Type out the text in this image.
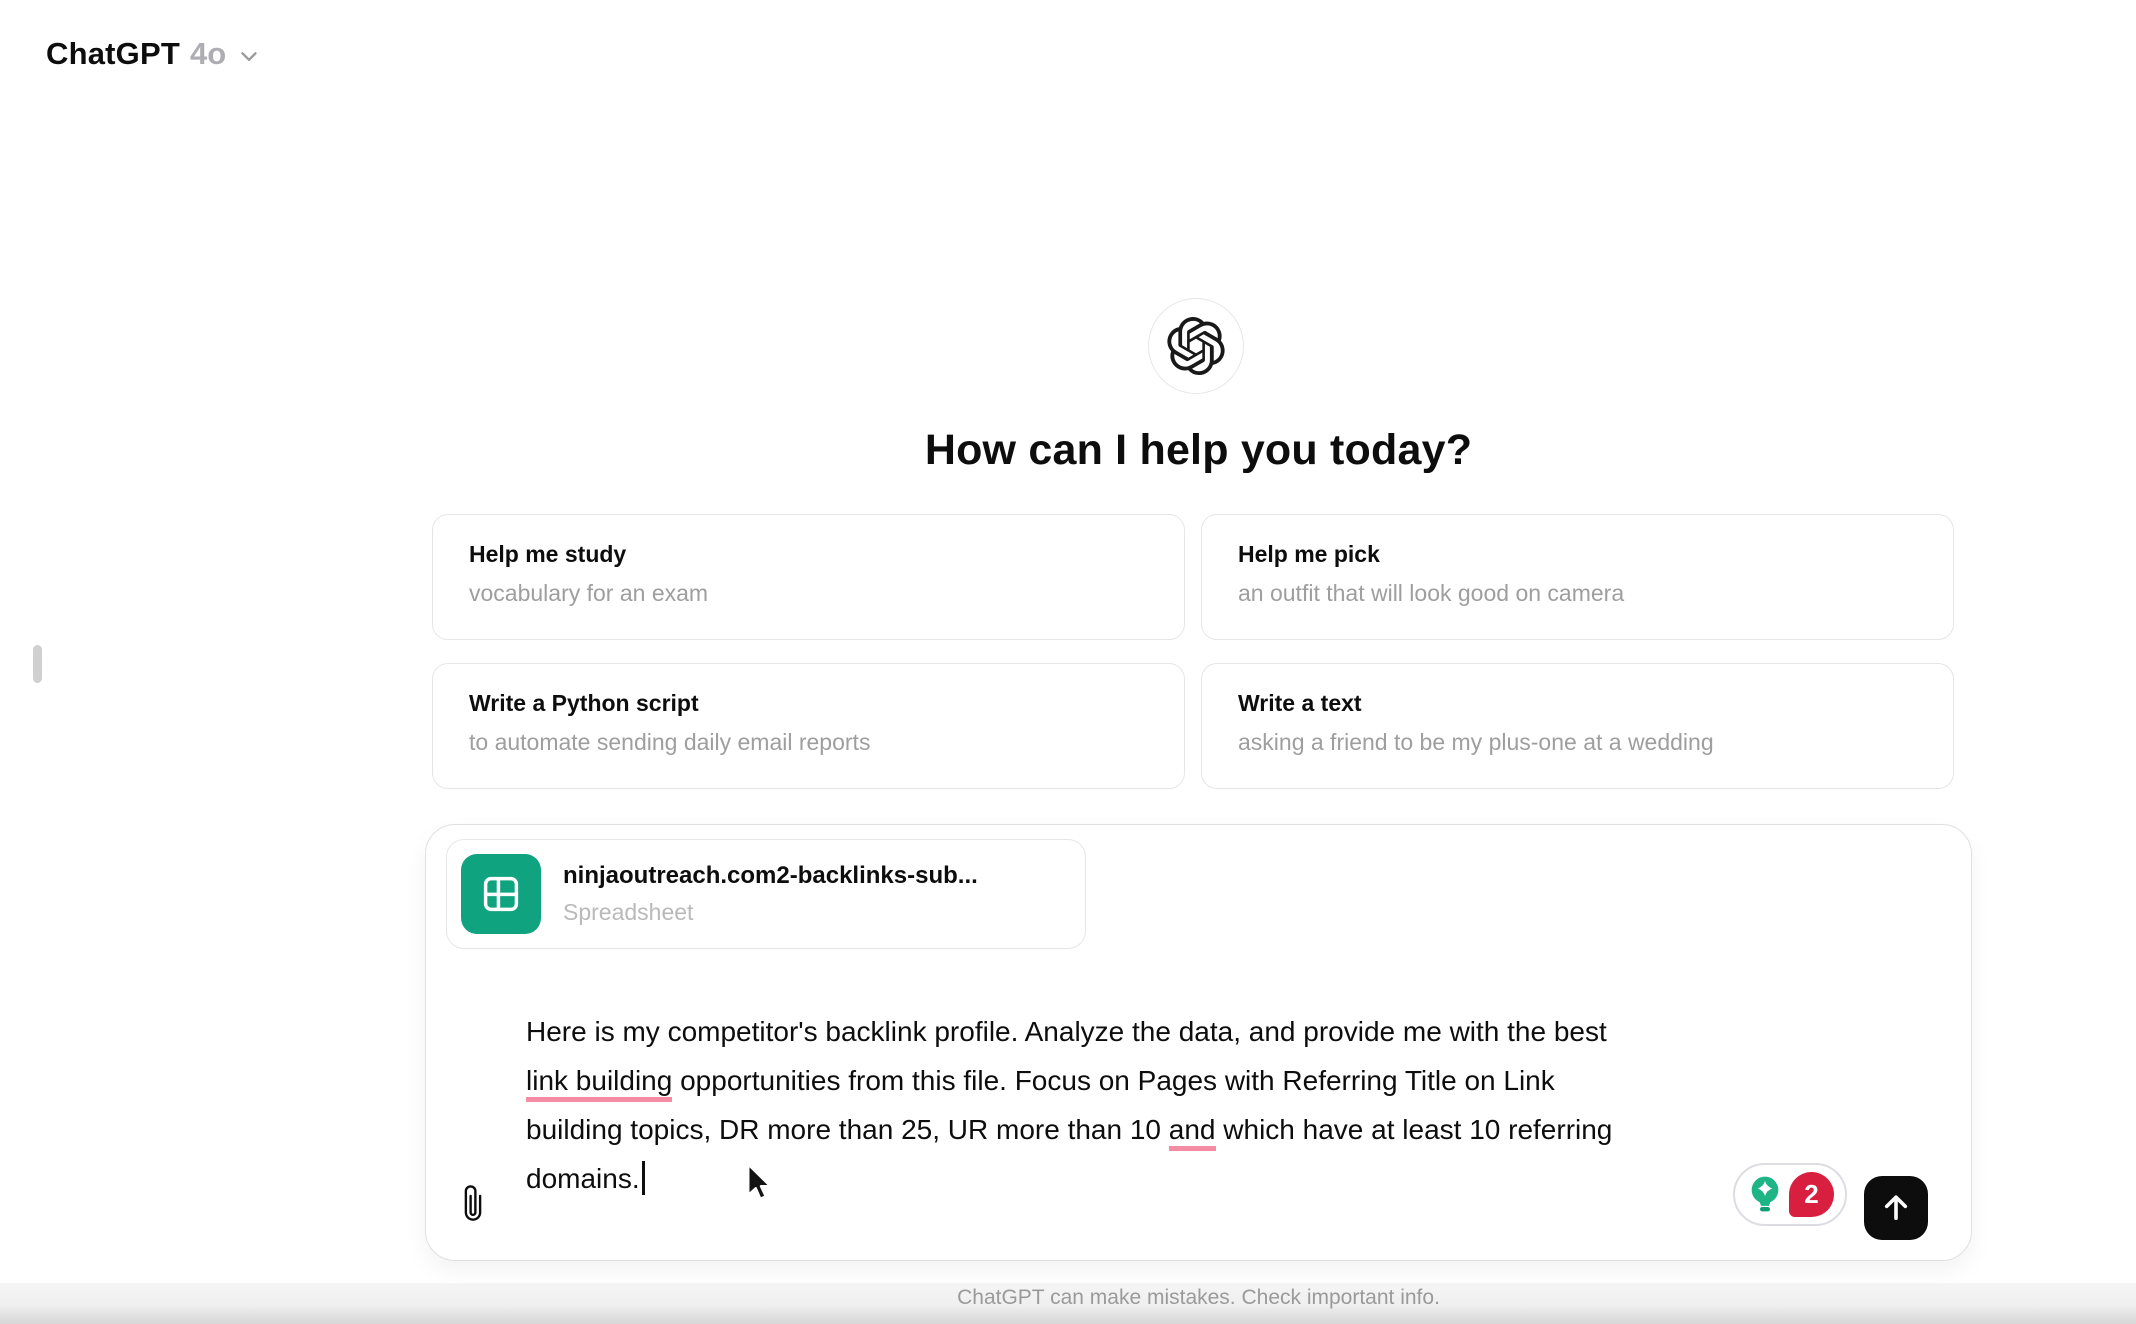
ChatGPT 4o
How can I help you today?
Help me study
vocabulary for an exam
Help me pick
an outfit that will look good on camera
Write a Python script
to automate sending daily email reports
Write a text
asking a friend to be my plus-one at a wedding
ninjaoutreach.com2-backlinks-sub...
Spreadsheet
Here is my competitor's backlink profile. Analyze the data, and provide me with the best
link building opportunities from this file. Focus on Pages with Referring Title on Link
building topics, DR more than 25, UR more than 10 and which have at least 10 referring
domains.	2
ChatGPT can make mistakes. Check important info.
